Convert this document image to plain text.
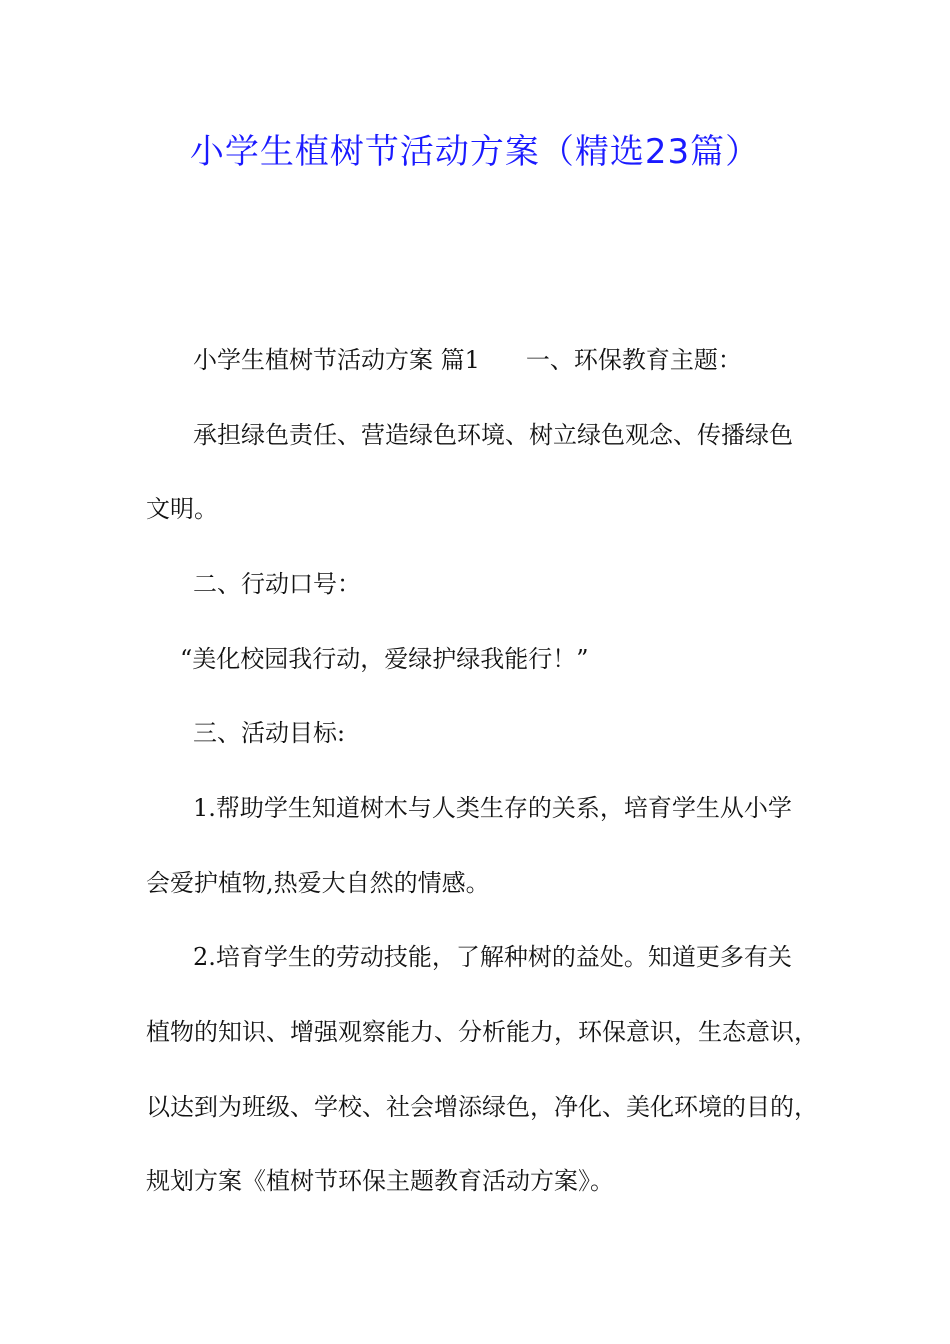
小学生植树节活动方案（精选23篇）
小学生植树节活动方案 篇1 一、环保教育主题：
承担绿色责任、营造绿色环境、树立绿色观念、传播绿色
文明。
二、行动口号：
“美化校园我行动，爱绿护绿我能行！”
三、活动目标:
1.帮助学生知道树木与人类生存的关系，培育学生从小学
会爱护植物,热爱大自然的情感。
2.培育学生的劳动技能，了解种树的益处。知道更多有关
植物的知识、增强观察能力、分析能力，环保意识，生态意识，
以达到为班级、学校、社会增添绿色，净化、美化环境的目的，
规划方案《植树节环保主题教育活动方案》。
